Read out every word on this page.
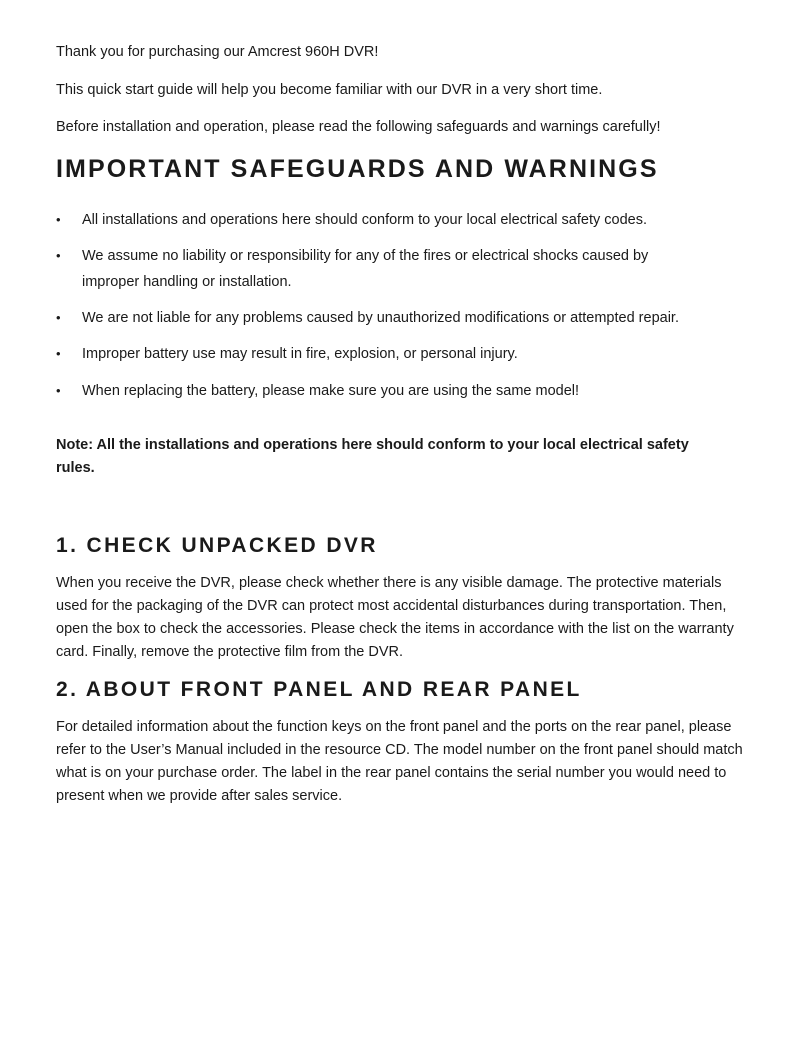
Thank you for purchasing our Amcrest 960H DVR!

This quick start guide will help you become familiar with our DVR in a very short time.

Before installation and operation, please read the following safeguards and warnings carefully!

IMPORTANT SAFEGUARDS AND WARNINGS
• All installations and operations here should conform to your local electrical safety codes.
• We assume no liability or responsibility for any of the fires or electrical shocks caused by improper handling or installation.
• We are not liable for any problems caused by unauthorized modifications or attempted repair.
• Improper battery use may result in fire, explosion, or personal injury.
• When replacing the battery, please make sure you are using the same model!

Note: All the installations and operations here should conform to your local electrical safety rules.

1. CHECK UNPACKED DVR

When you receive the DVR, please check whether there is any visible damage. The protective materials used for the packaging of the DVR can protect most accidental disturbances during transportation. Then, open the box to check the accessories. Please check the items in accordance with the list on the warranty card. Finally, remove the protective film from the DVR.

2. ABOUT FRONT PANEL AND REAR PANEL

For detailed information about the function keys on the front panel and the ports on the rear panel, please refer to the User’s Manual included in the resource CD. The model number on the front panel should match what is on your purchase order. The label in the rear panel contains the serial number you would need to present when we provide after sales service.
